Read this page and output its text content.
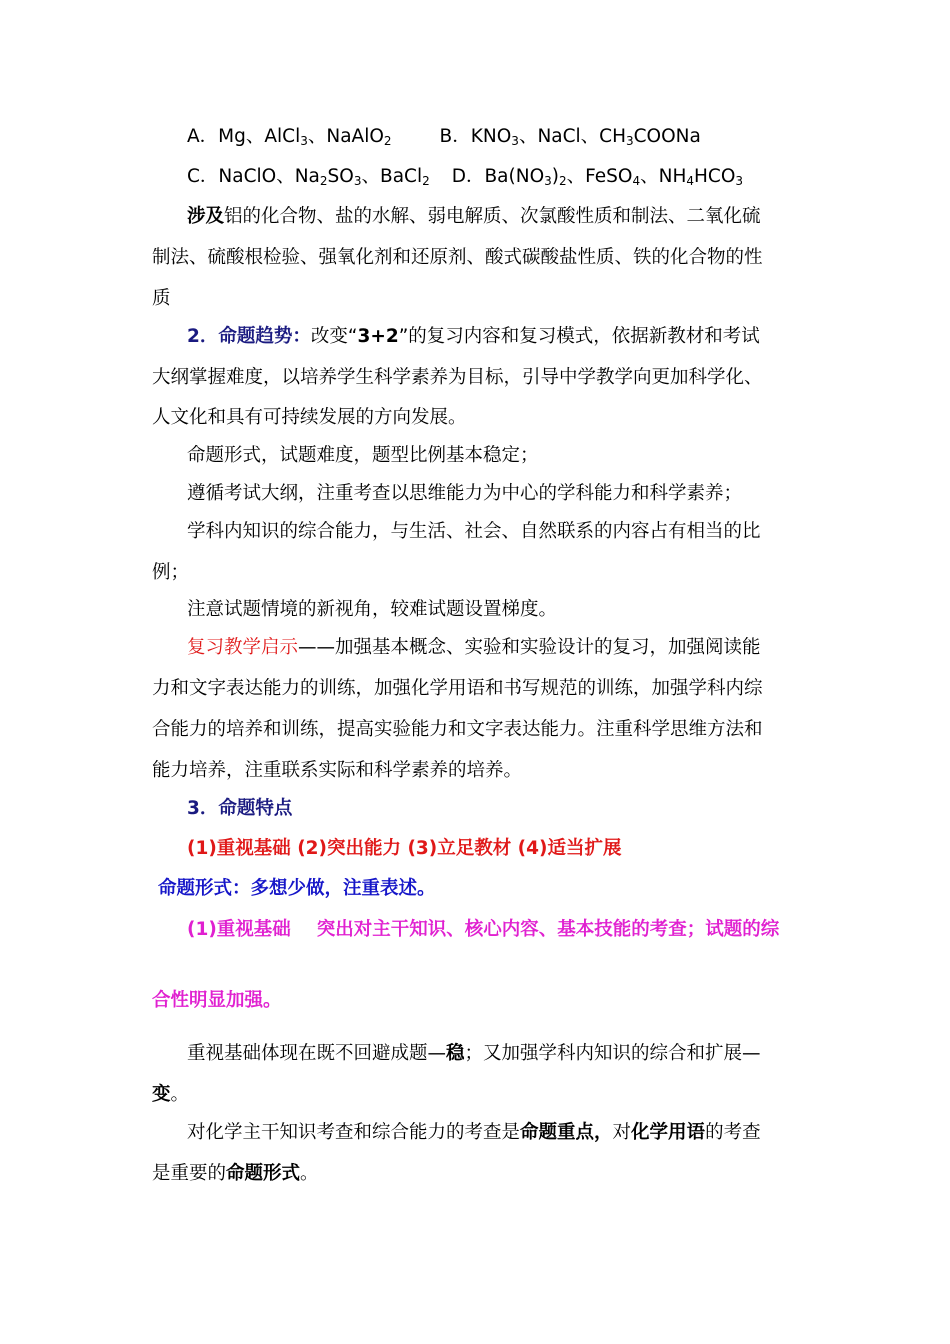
A．Mg、AlCl$_3$、NaAlO$_2$	B．$KNO_3$、NaCl、$CH_3COONa$
C．NaClO、$Na_2SO_3$、BaCl$_2$ D．$Ba(NO_3)_2$、FeSO$_4$、$NH_4HCO_3$
涉及铝的化合物、盐的水解、弱电解质、次氯酸性质和制法、二氧化硫
制法、硫酸根检验、强氧化剂和还原剂、酸式碳酸盐性质、铁的化合物的性
质
2．命题趋势：改变“3+2”的复习内容和复习模式，依据新教材和考试
大纲掌握难度，以培养学生科学素养为目标，引导中学教学向更加科学化、
人文化和具有可持续发展的方向发展。
命题形式，试题难度，题型比例基本稳定；
遵循考试大纲，注重考查以思维能力为中心的学科能力和科学素养；
学科内知识的综合能力，与生活、社会、自然联系的内容占有相当的比
例；
注意试题情境的新视角，较难试题设置梯度。
复习教学启示——加强基本概念、实验和实验设计的复习，加强阅读能
力和文字表达能力的训练，加强化学用语和书写规范的训练，加强学科内综
合能力的培养和训练，提高实验能力和文字表达能力。注重科学思维方法和
能力培养，注重联系实际和科学素养的培养。
3．命题特点
(1)重视基础 (2)突出能力 (3)立足教材 (4)适当扩展
命题形式：多想少做，注重表述。
(1)重视基础 突出对主干知识、核心内容、基本技能的考查；试题的综
合性明显加强。
重视基础体现在既不回避成题—稳；又加强学科内知识的综合和扩展—
变。
对化学主干知识考查和综合能力的考查是命题重点，对化学用语的考查
是重要的命题形式。
